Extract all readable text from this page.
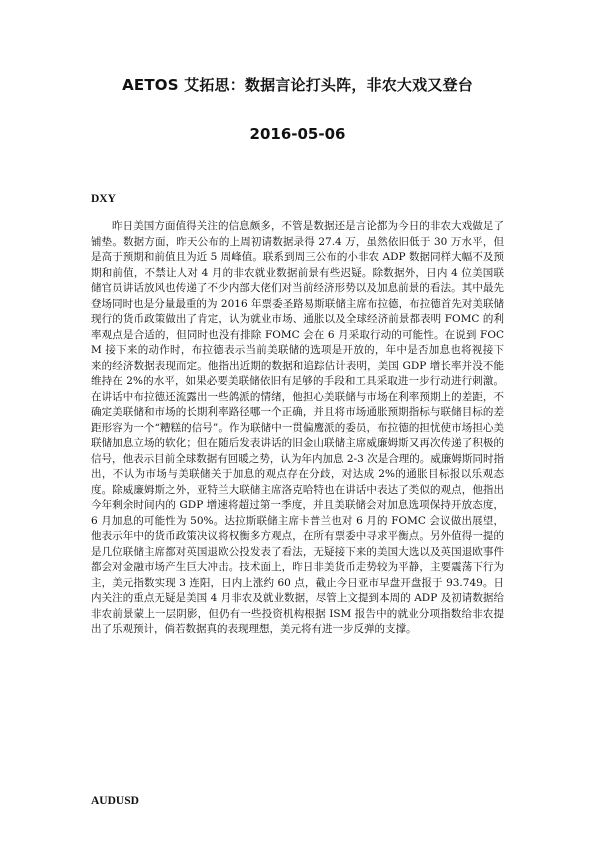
AETOS 艾拓思：数据言论打头阵，非农大戏又登台
2016-05-06
DXY

昨日美国方面值得关注的信息颇多，不管是数据还是言论都为今日的非农大戏做足了铺垫。数据方面，昨天公布的上周初请数据录得 27.4 万，虽然依旧低于 30 万水平，但是高于预期和前值且为近 5 周峰值。联系到周三公布的小非农 ADP 数据同样大幅不及预期和前值，不禁让人对 4 月的非农就业数据前景有些迟疑。除数据外，日内 4 位美国联储官员讲话放风也传递了不少内部大佬们对当前经济形势以及加息前景的看法。其中最先登场同时也是分量最重的为 2016 年票委圣路易斯联储主席布拉德，布拉德首先对美联储现行的货币政策做出了肯定，认为就业市场、通胀以及全球经济前景都表明 FOMC 的利率观点是合适的，但同时也没有排除 FOMC 会在 6 月采取行动的可能性。在说到 FOCM 接下来的动作时，布拉德表示当前美联储的选项是开放的，年中是否加息也将视接下来的经济数据表现而定。他指出近期的数据和追踪估计表明，美国 GDP 增长率并没不能维持在 2%的水平，如果必要美联储依旧有足够的手段和工具采取进一步行动进行刺激。在讲话中布拉德还流露出一些鸽派的情绪，他担心美联储与市场在利率预期上的差距，不确定美联储和市场的长期利率路径哪一个正确，并且将市场通胀预期指标与联储目标的差距形容为一个“糟糕的信号”。作为联储中一贯偏鹰派的委员，布拉德的担忧使市场担心美联储加息立场的软化；但在随后发表讲话的旧金山联储主席威廉姆斯又再次传递了积极的信号，他表示目前全球数据有回暖之势，认为年内加息 2-3 次是合理的。威廉姆斯同时指出，不认为市场与美联储关于加息的观点存在分歧，对达成 2%的通胀目标报以乐观态度。除威廉姆斯之外，亚特兰大联储主席洛克哈特也在讲话中表达了类似的观点，他指出今年剩余时间内的 GDP 增速将超过第一季度，并且美联储会对加息选项保持开放态度，6 月加息的可能性为 50%。达拉斯联储主席卡普兰也对 6 月的 FOMC 会议做出展望，他表示年中的货币政策决议将权衡多方观点，在所有票委中寻求平衡点。另外值得一提的是几位联储主席都对英国退欧公投发表了看法，无疑接下来的美国大选以及英国退欧事件都会对金融市场产生巨大冲击。技术面上，昨日非美货币走势较为平静，主要震荡下行为主，美元指数实现 3 连阳，日内上涨约 60 点，截止今日亚市早盘开盘报于 93.749。日内关注的重点无疑是美国 4 月非农及就业数据，尽管上文提到本周的 ADP 及初请数据给非农前景蒙上一层阴影，但仍有一些投资机构根据 ISM 报告中的就业分项指数给非农提出了乐观预计，倘若数据真的表现理想，美元将有进一步反弹的支撑。

AUDUSD
